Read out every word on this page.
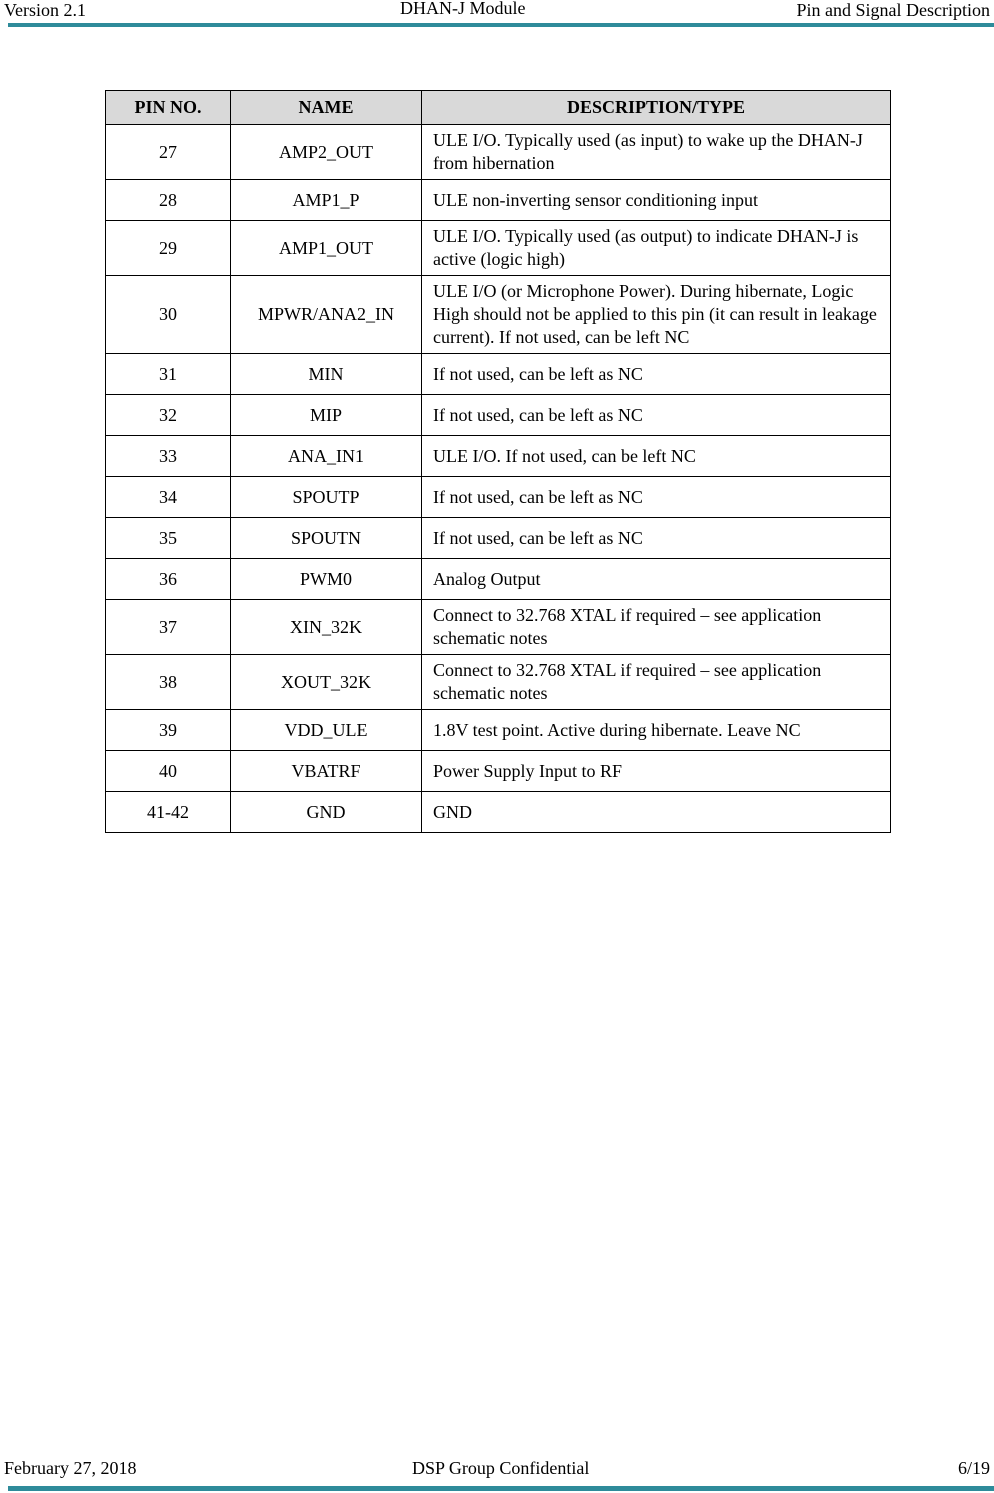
Version 2.1	DHAN-J Module	Pin and Signal Description
PIN NO.	NAME	DESCRIPTION/TYPE
27	AMP2_OUT	ULE I/O. Typically used (as input) to wake up the DHAN-J from hibernation
28	AMP1_P	ULE non-inverting sensor conditioning input
29	AMP1_OUT	ULE I/O. Typically used (as output) to indicate DHAN-J is active (logic high)
30	MPWR/ANA2_IN	ULE I/O (or Microphone Power). During hibernate, Logic High should not be applied to this pin (it can result in leakage current). If not used, can be left NC
31	MIN	If not used, can be left as NC
32	MIP	If not used, can be left as NC
33	ANA_IN1	ULE I/O. If not used, can be left NC
34	SPOUTP	If not used, can be left as NC
35	SPOUTN	If not used, can be left as NC
36	PWM0	Analog Output
37	XIN_32K	Connect to 32.768 XTAL if required – see application schematic notes
38	XOUT_32K	Connect to 32.768 XTAL if required – see application schematic notes
39	VDD_ULE	1.8V test point. Active during hibernate. Leave NC
40	VBATRF	Power Supply Input to RF
41-42	GND	GND
February 27, 2018	DSP Group Confidential	6/19
